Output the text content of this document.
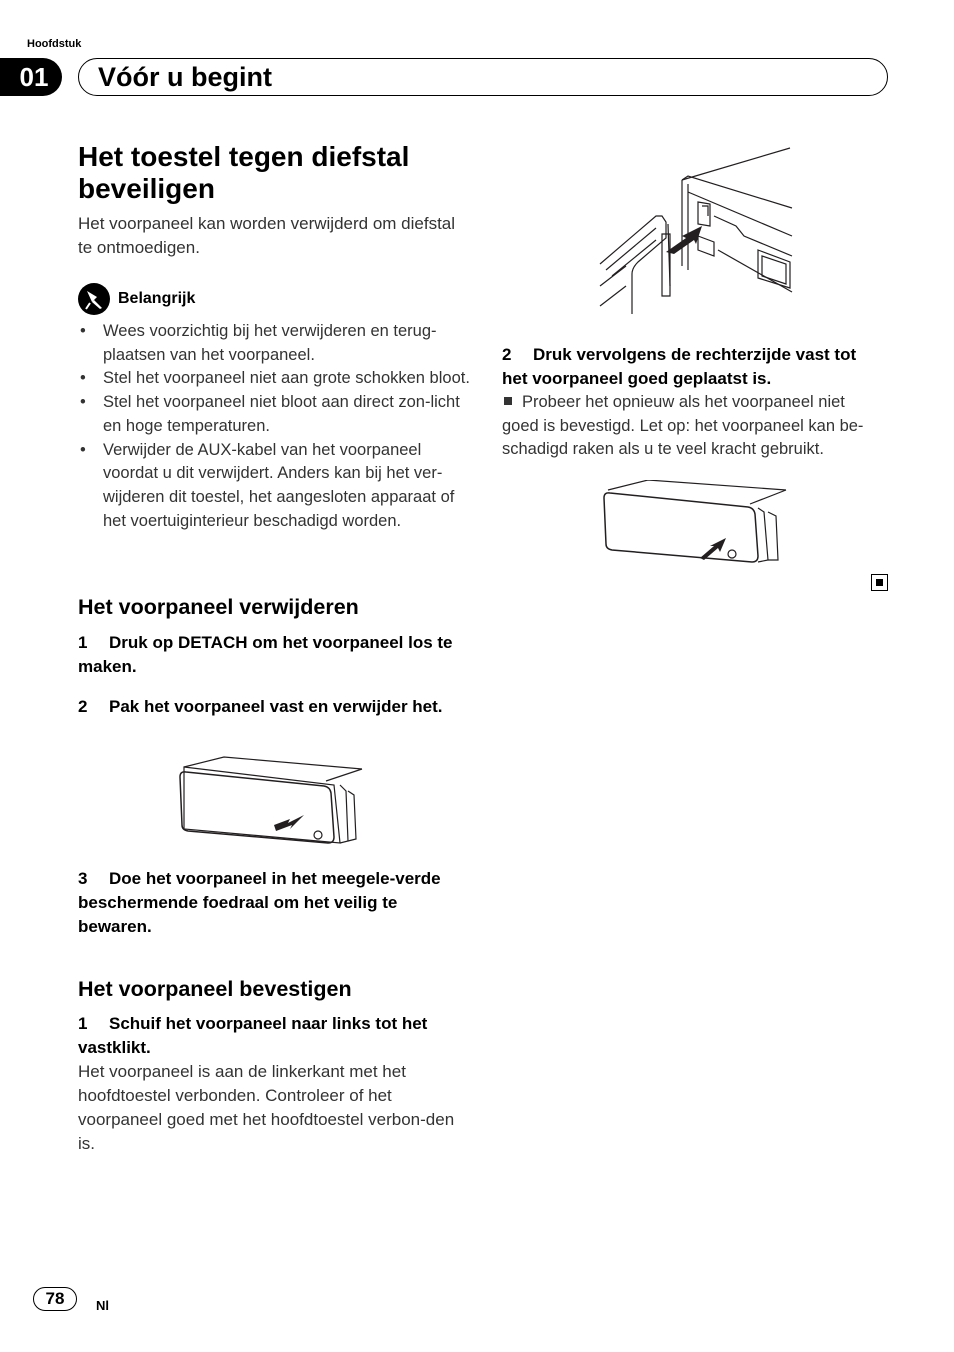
Hoofdstuk
01	Vóór u begint
Het toestel tegen diefstal beveiligen
Het voorpaneel kan worden verwijderd om diefstal te ontmoedigen.
Belangrijk
• Wees voorzichtig bij het verwijderen en terug-plaatsen van het voorpaneel.
• Stel het voorpaneel niet aan grote schokken bloot.
• Stel het voorpaneel niet bloot aan direct zon-licht en hoge temperaturen.
• Verwijder de AUX-kabel van het voorpaneel voordat u dit verwijdert. Anders kan bij het ver-wijderen dit toestel, het aangesloten apparaat of het voertuiginterieur beschadigd worden.
Het voorpaneel verwijderen
1 Druk op DETACH om het voorpaneel los te maken.
2 Pak het voorpaneel vast en verwijder het.
3 Doe het voorpaneel in het meegele-verde beschermende foedraal om het veilig te bewaren.
Het voorpaneel bevestigen
1 Schuif het voorpaneel naar links tot het vastklikt.
Het voorpaneel is aan de linkerkant met het hoofdtoestel verbonden. Controleer of het voorpaneel goed met het hoofdtoestel verbon-den is.
2 Druk vervolgens de rechterzijde vast tot het voorpaneel goed geplaatst is.
Probeer het opnieuw als het voorpaneel niet goed is bevestigd. Let op: het voorpaneel kan be-schadigd raken als u te veel kracht gebruikt.
78	Nl
